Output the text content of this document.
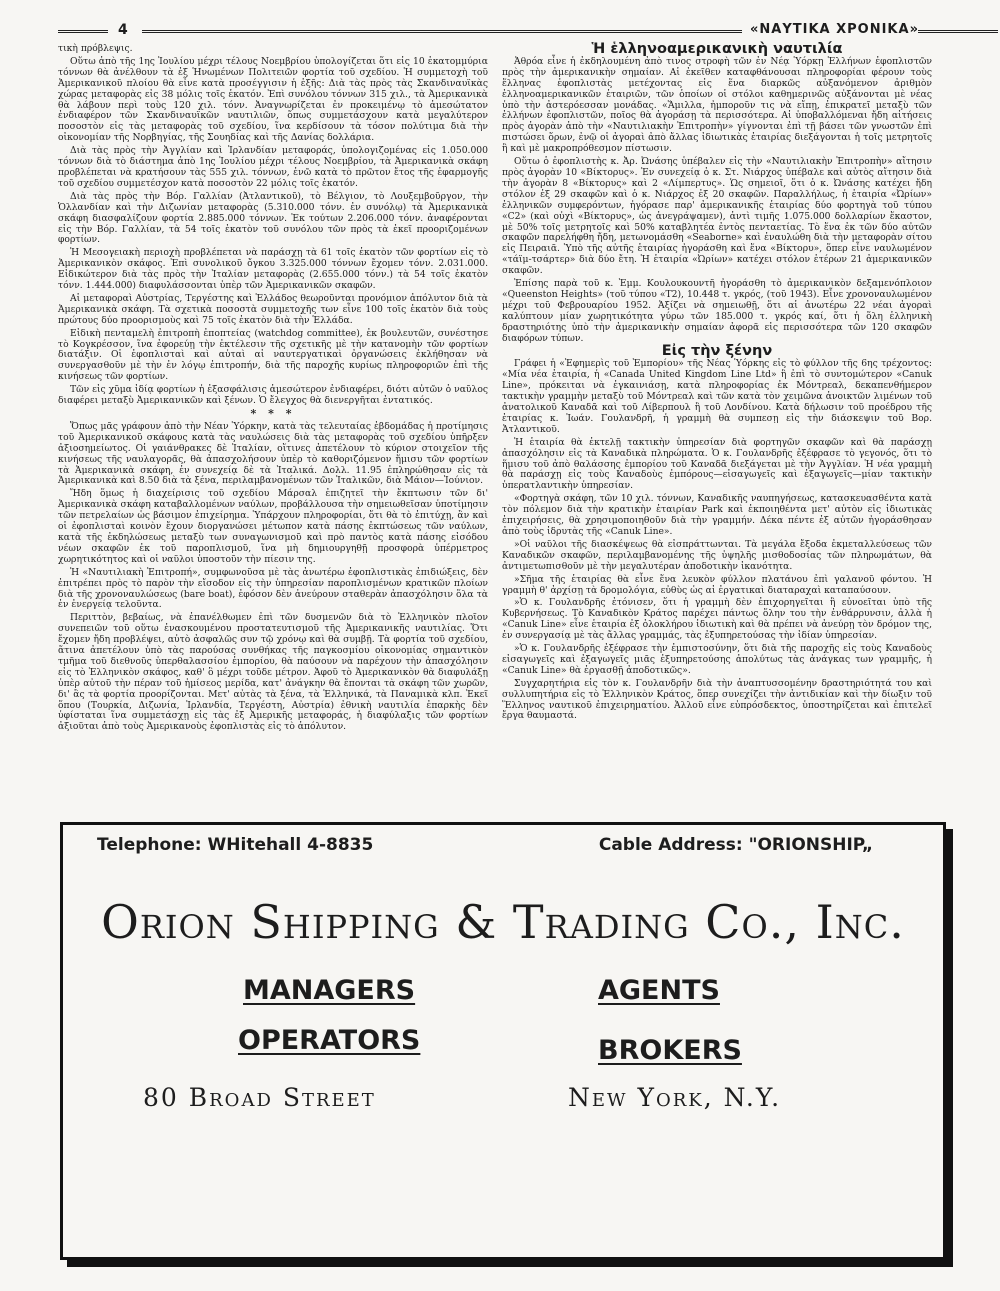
4	«ΝΑΥΤΙΚΑ ΧΡΟΝΙΚΑ»

τικὴ πρόβλεψις.

Οὕτω ἀπὸ τῆς 1ης Ἰουλίου μέχρι τέλους Νοεμβρίου ὑπολογίζεται ὅτι εἰς 10 ἑκατομμύρια τόννων θὰ ἀνέλθουν τὰ ἐξ Ἡνωμένων Πολιτειῶν φορτία τοῦ σχεδίου. Ἡ συμμετοχὴ τοῦ Ἀμερικανικοῦ πλοίου θὰ εἶνε κατὰ προσέγγισιν ἡ ἑξῆς: Διὰ τὰς πρὸς τὰς Σκανδιναυϊκὰς χώρας μεταφορὰς εἰς 38 μόλις τοῖς ἑκατόν. Ἐπὶ συνόλου τόννων 315 χιλ., τὰ Ἀμερικανικὰ θὰ λάβουν περὶ τοὺς 120 χιλ. τόνν. Ἀναγνωρίζεται ἐν προκειμένῳ τὸ ἀμεσώτατον ἐνδιαφέρον τῶν Σκανδιναυϊκῶν ναυτιλιῶν, ὅπως συμμετάσχουν κατὰ μεγαλύτερον ποσοστὸν εἰς τὰς μεταφορὰς τοῦ σχεδίου, ἵνα κερδίσουν τὰ τόσον πολύτιμα διὰ τὴν οἰκονομίαν τῆς Νορβηγίας, τῆς Σουηδίας καὶ τῆς Δανίας δολλάρια.

Διὰ τὰς πρὸς τὴν Ἀγγλίαν καὶ Ἰρλανδίαν μεταφοράς, ὑπολογιζομένας εἰς 1.050.000 τόννων διὰ τὸ διάστημα ἀπὸ 1ης Ἰουλίου μέχρι τέλους Νοεμβρίου, τὰ Ἀμερικανικὰ σκάφη προβλέπεται νὰ κρατήσουν τὰς 555 χιλ. τόννων, ἐνῶ κατὰ τὸ πρῶτον ἔτος τῆς ἐφαρμογῆς τοῦ σχεδίου συμμετέσχον κατὰ ποσοστὸν 22 μόλις τοῖς ἑκατόν.

Διὰ τὰς πρὸς τὴν Βόρ. Γαλλίαν (Ἀτλαντικοῦ), τὸ Βέλγιον, τὸ Λουξεμβοῦργον, τὴν Ὁλλανδίαν καὶ τὴν Διζωνίαν μεταφορὰς (5.310.000 τόνν. ἐν συνόλῳ) τὰ Ἀμερικανικὰ σκάφη διασφαλίζουν φορτία 2.885.000 τόννων. Ἐκ τούτων 2.206.000 τόνν. ἀναφέρονται εἰς τὴν Βόρ. Γαλλίαν, τὰ 54 τοῖς ἑκατὸν τοῦ συνόλου τῶν πρὸς τὰ ἐκεῖ προοριζομένων φορτίων.

Ἡ Μεσογειακὴ περιοχὴ προβλέπεται νὰ παράσχῃ τὰ 61 τοῖς ἑκατὸν τῶν φορτίων εἰς τὸ Ἀμερικανικὸν σκάφος. Ἐπὶ συνολικοῦ ὄγκου 3.325.000 τόννων ἔχομεν τόνν. 2.031.000. Εἰδικώτερον διὰ τὰς πρὸς τὴν Ἰταλίαν μεταφορὰς (2.655.000 τόνν.) τὰ 54 τοῖς ἑκατὸν τόνν. 1.444.000) διαφυλάσσονται ὑπὲρ τῶν Ἀμερικανικῶν σκαφῶν.

Αἱ μεταφοραὶ Αὐστρίας, Τεργέστης καὶ Ἑλλάδος θεωροῦνται προνόμιον ἀπόλυτον διὰ τὰ Ἀμερικανικὰ σκάφη. Τὰ σχετικὰ ποσοστὰ συμμετοχῆς των εἶνε 100 τοῖς ἑκατὸν διὰ τοὺς πρώτους δύο προορισμοὺς καὶ 75 τοῖς ἑκατὸν διὰ τὴν Ἑλλάδα.

Εἰδικὴ πενταμελὴ ἐπιτροπὴ ἐποπτείας (watchdog committee), ἐκ βουλευτῶν, συνέστησε τὸ Κογκρέσσον, ἵνα ἐφορεύῃ τὴν ἐκτέλεσιν τῆς σχετικῆς μὲ τὴν κατανομὴν τῶν φορτίων διατάξιν. Οἱ ἐφοπλισταὶ καὶ αὐταὶ αἱ ναυτεργατικαὶ ὀργανώσεις ἐκλήθησαν νὰ συνεργασθοῦν μὲ τὴν ἐν λόγῳ ἐπιτροπήν, διὰ τῆς παροχῆς κυρίως πληροφοριῶν ἐπὶ τῆς κινήσεως τῶν φορτίων.

Τῶν εἰς χῦμα ἰδίᾳ φορτίων ἡ ἐξασφάλισις ἀμεσώτερον ἐνδιαφέρει, διότι αὐτῶν ὁ ναῦλος διαφέρει μεταξὺ Ἀμερικανικῶν καὶ ξένων. Ὁ ἔλεγχος θὰ διενεργῆται ἐντατικός.

* * *

Ὅπως μᾶς γράφουν ἀπὸ τὴν Νέαν Ὑόρκην, κατὰ τὰς τελευταίας ἑβδομάδας ἡ προτίμησις τοῦ Ἀμερικανικοῦ σκάφους κατὰ τὰς ναυλώσεις διὰ τὰς μεταφορὰς τοῦ σχεδίου ὑπῆρξεν ἀξιοσημείωτος. Οἱ γαιάνθρακες δὲ Ἰταλίαν, οἵτινες ἀπετέλουν τὸ κύριον στοιχεῖον τῆς κινήσεως τῆς ναυλαγορᾶς, θὰ ἀπασχολήσουν ὑπὲρ τὸ καθοριζόμενον ἥμισυ τῶν φορτίων τὰ Ἀμερικανικὰ σκάφη, ἐν συνεχείᾳ δὲ τὰ Ἰταλικά. Δολλ. 11.95 ἐπληρώθησαν εἰς τὰ Ἀμερικανικὰ καὶ 8.50 διὰ τὰ ξένα, περιλαμβανομένων τῶν Ἰταλικῶν, διὰ Μάιον—Ἰούνιον.

Ἤδη ὅμως ἡ διαχείρισις τοῦ σχεδίου Μάρσαλ ἐπιζητεῖ τὴν ἔκπτωσιν τῶν δι' Ἀμερικανικὰ σκάφη καταβαλλομένων ναύλων, προβάλλουσα τὴν σημειωθεῖσαν ὑποτίμησιν τῶν πετρελαίων ὡς βάσιμον ἐπιχείρημα. Ὑπάρχουν πληροφορίαι, ὅτι θὰ τὸ ἐπιτύχῃ, ἂν καὶ οἱ ἐφοπλισταὶ κοινὸν ἔχουν διοργανώσει μέτωπον κατὰ πάσης ἐκπτώσεως τῶν ναύλων, κατὰ τῆς ἐκδηλώσεως μεταξὺ των συναγωνισμοῦ καὶ πρὸ παντὸς κατὰ πάσης εἰσόδου νέων σκαφῶν ἐκ τοῦ παροπλισμοῦ, ἵνα μὴ δημιουργηθῇ προσφορὰ ὑπέρμετρος χωρητικότητος καὶ οἱ ναῦλοι ὑποστοῦν τὴν πίεσιν της.

Ἡ «Ναυτιλιακὴ Ἐπιτροπή», συμφωνοῦσα μὲ τὰς ἀνωτέρω ἐφοπλιστικὰς ἐπιδιώξεις, δὲν ἐπιτρέπει πρὸς τὸ παρὸν τὴν εἴσοδον εἰς τὴν ὑπηρεσίαν παροπλισμένων κρατικῶν πλοίων διὰ τῆς χρονοναυλώσεως (bare boat), ἐφόσον δὲν ἀνεύρουν σταθερὰν ἀπασχόλησιν ὅλα τὰ ἐν ἐνεργείᾳ τελοῦντα.

Περιττὸν, βεβαίως, νὰ ἐπανέλθωμεν ἐπὶ τῶν δυσμενῶν διὰ τὸ Ἑλληνικὸν πλοῖον συνεπειῶν τοῦ οὕτω ἐνασκουμένου προστατευτισμοῦ τῆς Ἀμερικανικῆς ναυτιλίας. Ὅτι ἔχομεν ἤδη προβλέψει, αὐτὸ ἀσφαλῶς συν τῷ χρόνῳ καὶ θὰ συμβῇ. Τὰ φορτία τοῦ σχεδίου, ἅτινα ἀπετέλουν ὑπὸ τὰς παρούσας συνθήκας τῆς παγκοσμίου οἰκονομίας σημαντικὸν τμῆμα τοῦ διεθνοῦς ὑπερθαλασσίου ἐμπορίου, θὰ παύσουν νὰ παρέχουν τὴν ἀπασχόλησιν εἰς τὸ Ἑλληνικὸν σκάφος, καθ' ὃ μέχρι τοῦδε μέτρον. Ἀφοῦ τὸ Ἀμερικανικὸν θὰ διαφυλάξῃ ὑπὲρ αὐτοῦ τὴν πέραν τοῦ ἡμίσεος μερίδα, κατ' ἀνάγκην θὰ ἔπονται τὰ σκάφη τῶν χωρῶν, δι' ἃς τὰ φορτία προορίζονται. Μετ' αὐτὰς τὰ ξένα, τὰ Ἑλληνικά, τὰ Παναμικὰ κλπ. Ἐκεῖ ὅπου (Τουρκία, Διζωνία, Ἰρλανδία, Τεργέστη, Αὐστρία) ἐθνικὴ ναυτιλία ἐπαρκὴς δὲν ὑφίσταται ἵνα συμμετάσχῃ εἰς τὰς ἐξ Ἀμερικῆς μεταφοράς, ἡ διαφύλαξις τῶν φορτίων ἀξιοῦται ἀπὸ τοὺς Ἀμερικανοὺς ἐφοπλιστὰς εἰς τὸ ἀπόλυτον.

Ἡ ἑλληνοαμερικανικὴ ναυτιλία

Ἀθρόα εἶνε ἡ ἐκδηλουμένη ἀπὸ τινος στροφὴ τῶν ἐν Νέᾳ Ὑόρκῃ Ἑλλήνων ἐφοπλιστῶν πρὸς τὴν ἀμερικανικὴν σημαίαν. Αἱ ἐκεῖθεν καταφθάνουσαι πληροφορίαι φέρουν τοὺς ἕλληνας ἐφοπλιστὰς μετέχοντας εἰς ἕνα διαρκῶς αὐξανόμενον ἀριθμὸν ἑλληνοαμερικανικῶν ἑταιριῶν, τῶν ὁποίων οἱ στόλοι καθημερινῶς αὐξάνονται μὲ νέας ὑπὸ τὴν ἀστερόεσσαν μονάδας. «Ἅμιλλα, ἠμποροῦν τις νὰ εἴπῃ, ἐπικρατεῖ μεταξὺ τῶν ἑλλήνων ἐφοπλιστῶν, ποῖος θὰ ἀγοράσῃ τὰ περισσότερα. Αἱ ὑποβαλλόμεναι ἤδη αἰτήσεις πρὸς ἀγορὰν ἀπὸ τὴν «Ναυτιλιακὴν Ἐπιτροπὴν» γίγνονται ἐπὶ τῇ βάσει τῶν γνωστῶν ἐπὶ πιστώσει ὅρων, ἐνῷ οἱ ἀγοραὶ ἀπὸ ἄλλας ἰδιωτικὰς ἑταιρίας διεξάγονται ἡ τοῖς μετρητοῖς ἢ καὶ μὲ μακροπρόθεσμον πίστωσιν.

Οὕτω ὁ ἐφοπλιστὴς κ. Ἀρ. Ὠνάσης ὑπέβαλεν εἰς τὴν «Ναυτιλιακὴν Ἐπιτροπὴν» αἴτησιν πρὸς ἀγορὰν 10 «Βίκτορυς». Ἐν συνεχείᾳ ὁ κ. Στ. Νιάρχος ὑπέβαλε καὶ αὐτὸς αἴτησιν διὰ τὴν ἀγορὰν 8 «Βίκτορυς» καὶ 2 «Λίμπερτυς». Ὡς σημειοῖ, ὅτι ὁ κ. Ὠνάσης κατέχει ἤδη στόλον ἐξ 29 σκαφῶν καὶ ὁ κ. Νιάρχος ἐξ 20 σκαφῶν. Παραλλήλως, ἡ ἑταιρία «Ὠρίων» ἑλληνικῶν συμφερόντων, ἠγόρασε παρ' ἀμερικανικῆς ἑταιρίας δύο φορτηγὰ τοῦ τύπου «C2» (καὶ οὐχὶ «Βίκτορυς», ὡς ἀνεγράψαμεν), ἀντὶ τιμῆς 1.075.000 δολλαρίων ἕκαστον, μὲ 50% τοῖς μετρητοῖς καὶ 50% καταβλητέα ἐντὸς πενταετίας. Τὸ ἕνα ἐκ τῶν δύο αὐτῶν σκαφῶν παρελήφθη ἤδη, μετωνομάσθη «Seaborne» καὶ ἐναυλώθη διὰ τὴν μεταφορὰν σίτου εἰς Πειραιᾶ. Ὑπὸ τῆς αὐτῆς ἑταιρίας ἠγοράσθη καὶ ἕνα «Βίκτορυ», ὅπερ εἶνε ναυλωμένον «τάϊμ-τσάρτερ» διὰ δύο ἔτη. Ἡ ἑταιρία «Ὠρίων» κατέχει στόλον ἑτέρων 21 ἀμερικανικῶν σκαφῶν.

Ἐπίσης παρὰ τοῦ κ. Ἐμμ. Κουλουκουντῆ ἠγοράσθη τὸ ἀμερικανικὸν δεξαμενόπλοιον «Queenston Heights» (τοῦ τύπου «Τ2), 10.448 τ. γκρός, (τοῦ 1943). Εἶνε χρονοναυλωμένον μέχρι τοῦ Φεβρουαρίου 1952. Ἀξίζει νὰ σημειωθῇ, ὅτι αἱ ἀνωτέρω 22 νέαι ἀγοραὶ καλύπτουν μίαν χωρητικότητα γύρω τῶν 185.000 τ. γκρός καί, ὅτι ἡ ὅλη ἑλληνικὴ δραστηριότης ὑπὸ τὴν ἀμερικανικὴν σημαίαν ἀφορᾶ εἰς περισσότερα τῶν 120 σκαφῶν διαφόρων τύπων.

Εἰς τὴν ξένην

Γράφει ἡ «Ἐφημερὶς τοῦ Ἐμπορίου» τῆς Νέας Ὑόρκης εἰς τὸ φύλλον τῆς 6ης τρέχοντος: «Μία νέα ἑταιρία, ἡ «Canada United Kingdom Line Ltd» ἢ ἐπὶ τὸ συντομώτερον «Canuk Line», πρόκειται νὰ ἐγκαινιάσῃ, κατὰ πληροφορίας ἐκ Μόντρεαλ, δεκαπενθήμερον τακτικὴν γραμμὴν μεταξὺ τοῦ Μόντρεαλ καὶ τῶν κατὰ τὸν χειμῶνα ἀνοικτῶν λιμένων τοῦ ἀνατολικοῦ Καναδᾶ καὶ τοῦ Λίβερπουλ ἢ τοῦ Λονδίνου. Κατὰ δήλωσιν τοῦ προέδρου τῆς ἑταιρίας κ. Ἰωάν. Γουλανδρῆ, ἡ γραμμὴ θὰ συμπεσῃ εἰς τὴν διάσκεψιν τοῦ Βορ. Ἀτλαντικοῦ.

Ἡ ἑταιρία θὰ ἐκτελῇ τακτικὴν ὑπηρεσίαν διὰ φορτηγῶν σκαφῶν καὶ θὰ παράσχῃ ἀπασχόλησιν εἰς τὰ Καναδικὰ πληρώματα. Ὁ κ. Γουλανδρῆς ἐξέφρασε τὸ γεγονός, ὅτι τὸ ἥμισυ τοῦ ἀπὸ θαλάσσης ἐμπορίου τοῦ Καναδᾶ διεξάγεται μὲ τὴν Ἀγγλίαν. Ἡ νέα γραμμὴ θὰ παράσχῃ εἰς τοὺς Καναδοὺς ἐμπόρους—εἰσαγωγεῖς καὶ ἐξαγωγεῖς—μίαν τακτικὴν ὑπερατλαντικὴν ὑπηρεσίαν.

«Φορτηγὰ σκάφη, τῶν 10 χιλ. τόννων, Καναδικῆς ναυπηγήσεως, κατασκευασθέντα κατὰ τὸν πόλεμον διὰ τὴν κρατικὴν ἑταιρίαν Park καὶ ἐκποιηθέντα μετ' αὐτὸν εἰς ἰδιωτικὰς ἐπιχειρήσεις, θὰ χρησιμοποιηθοῦν διὰ τὴν γραμμήν. Δέκα πέντε ἐξ αὐτῶν ἠγοράσθησαν ἀπὸ τοὺς ἱδρυτὰς τῆς «Canuk Line».

»Οἱ ναῦλοι τῆς διασκέψεως θὰ εἰσπράττωνται. Τὰ μεγάλα ἔξοδα ἐκμεταλλεύσεως τῶν Καναδικῶν σκαφῶν, περιλαμβανομένης τῆς ὑψηλῆς μισθοδοσίας τῶν πληρωμάτων, θὰ ἀντιμετωπισθοῦν μὲ τὴν μεγαλυτέραν ἀποδοτικὴν ἱκανότητα.

»Σῆμα τῆς ἑταιρίας θὰ εἶνε ἕνα λευκὸν φύλλον πλατάνου ἐπὶ γαλανοῦ φόντου. Ἡ γραμμὴ θ' ἀρχίσῃ τὰ δρομολόγια, εὐθὺς ὡς αἱ ἐργατικαὶ διαταραχαὶ καταπαύσουν.

»Ὁ κ. Γουλανδρῆς ἐτόνισεν, ὅτι ἡ γραμμὴ δὲν ἐπιχορηγεῖται ἢ εὐνοεῖται ὑπὸ τῆς Κυβερνήσεως. Τὸ Καναδικὸν Κράτος παρέχει πάντως ὅλην του τὴν ἐνθάρρυνσιν, ἀλλὰ ἡ «Canuk Line» εἶνε ἑταιρία ἐξ ὁλοκλήρου ἰδιωτικὴ καὶ θὰ πρέπει νὰ ἀνεύρῃ τὸν δρόμον της, ἐν συνεργασίᾳ μὲ τὰς ἄλλας γραμμάς, τὰς ἐξυπηρετούσας τὴν ἰδίαν ὑπηρεσίαν.

»Ὁ κ. Γουλανδρῆς ἐξέφρασε τὴν ἐμπιστοσύνην, ὅτι διὰ τῆς παροχῆς εἰς τοὺς Καναδοὺς εἰσαγωγεῖς καὶ ἐξαγωγεῖς μιᾶς ἐξυπηρετούσης ἀπολύτως τὰς ἀνάγκας των γραμμῆς, ἡ «Canuk Line» θὰ ἐργασθῇ ἀποδοτικῶς».

Συγχαρητήρια εἰς τὸν κ. Γουλανδρῆν διὰ τὴν ἀναπτυσσομένην δραστηριότητά του καὶ συλλυπητήρια εἰς τὸ Ἑλληνικὸν Κράτος, ὅπερ συνεχίζει τὴν ἀντιδικίαν καὶ τὴν δίωξιν τοῦ Ἕλληνος ναυτικοῦ ἐπιχειρηματίου. Ἀλλοῦ εἶνε εὐπρόσδεκτος, ὑποστηρίζεται καὶ ἐπιτελεῖ ἔργα θαυμαστά.

Telephone: WHitehall 4-8835	Cable Address: "ORIONSHIP„
Orion Shipping & Trading Co., Inc.
MANAGERS
OPERATORS
AGENTS
BROKERS
80 Broad Street	New York, N.Y.
